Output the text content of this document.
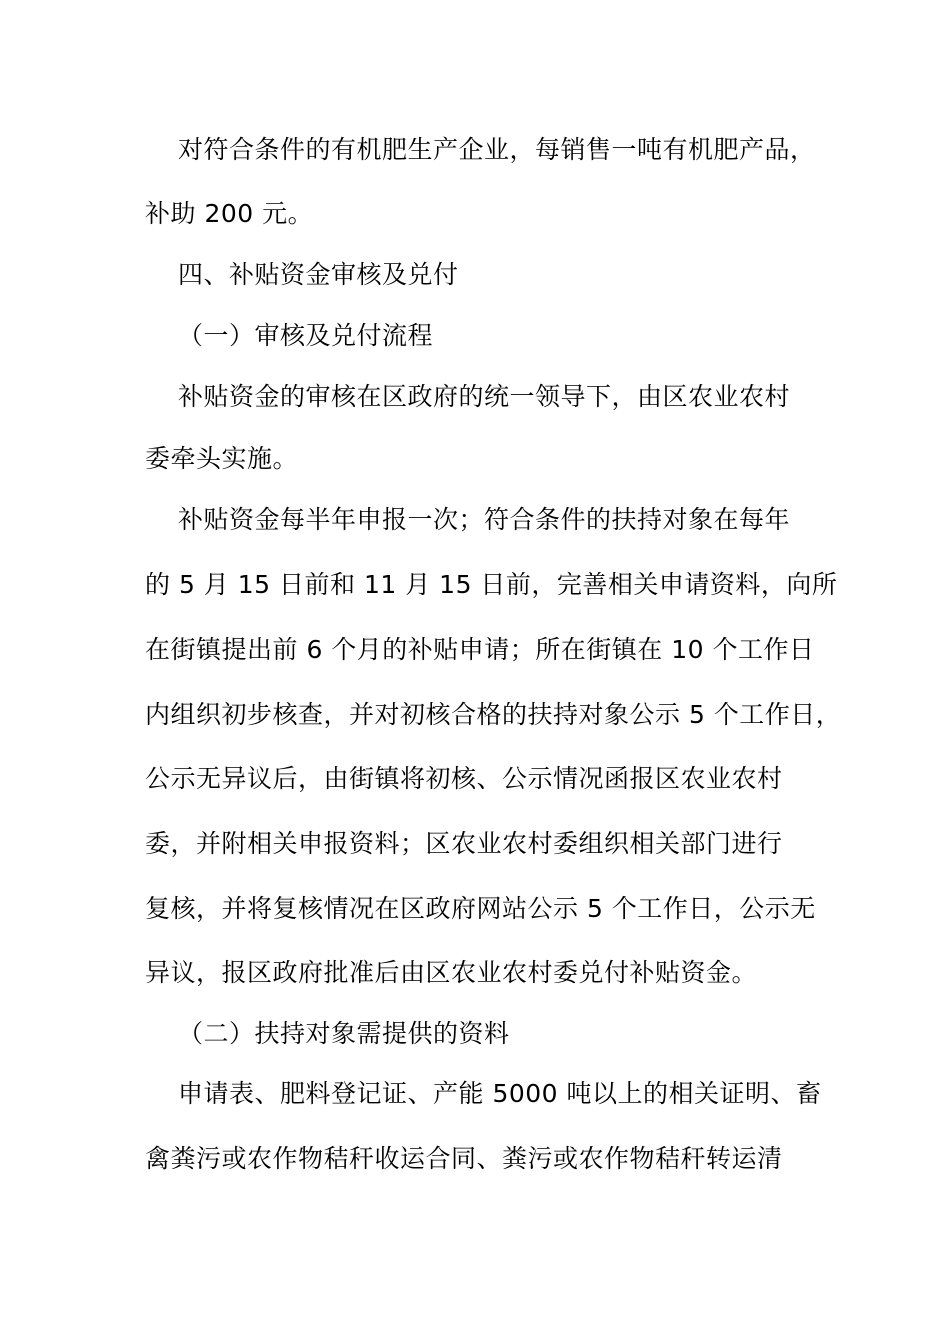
对符合条件的有机肥生产企业，每销售一吨有机肥产品，
补助 200 元。
四、补贴资金审核及兑付
（一）审核及兑付流程
补贴资金的审核在区政府的统一领导下，由区农业农村
委牵头实施。
补贴资金每半年申报一次；符合条件的扶持对象在每年
的 5 月 15 日前和 11 月 15 日前，完善相关申请资料，向所
在街镇提出前 6 个月的补贴申请；所在街镇在 10 个工作日
内组织初步核查，并对初核合格的扶持对象公示 5 个工作日，
公示无异议后，由街镇将初核、公示情况函报区农业农村
委，并附相关申报资料；区农业农村委组织相关部门进行
复核，并将复核情况在区政府网站公示 5 个工作日，公示无
异议，报区政府批准后由区农业农村委兑付补贴资金。
（二）扶持对象需提供的资料
申请表、肥料登记证、产能 5000 吨以上的相关证明、畜
禽粪污或农作物秸秆收运合同、粪污或农作物秸秆转运清
